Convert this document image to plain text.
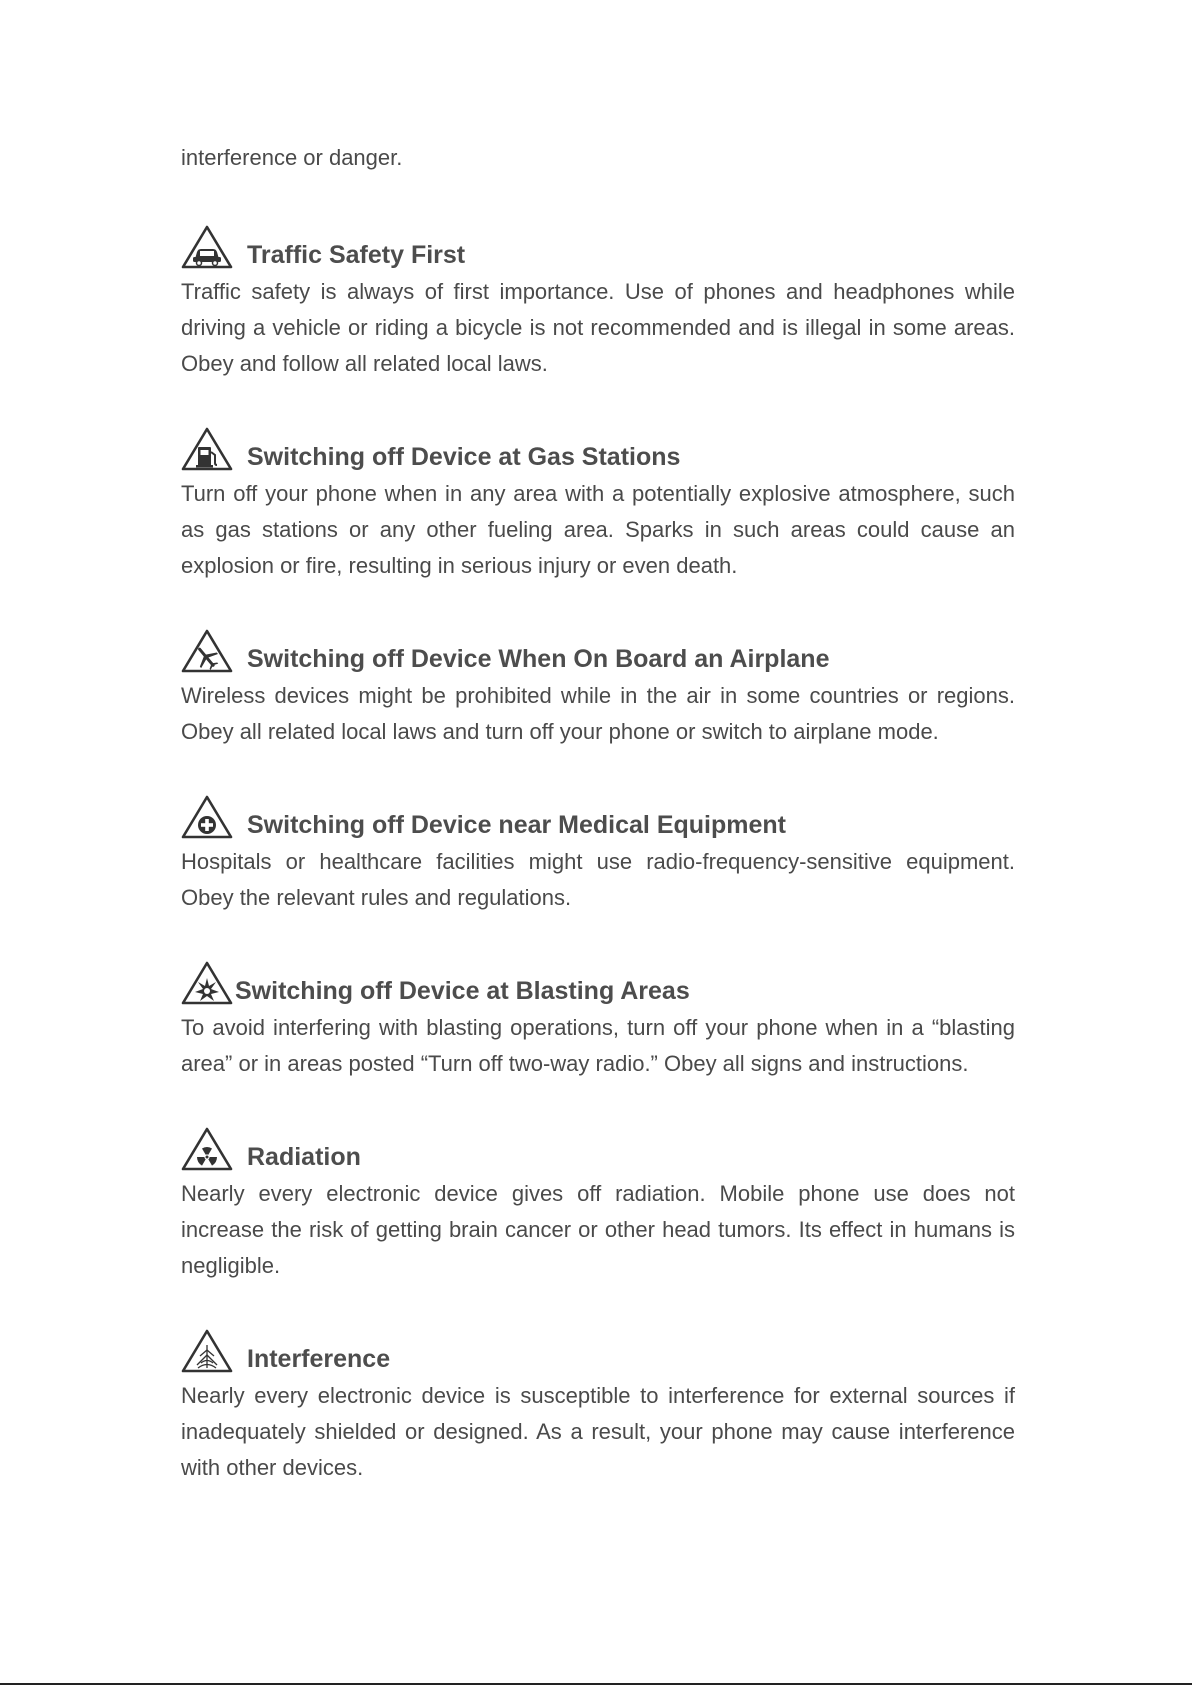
interference or danger.

Traffic Safety First

Traffic safety is always of first importance. Use of phones and headphones while driving a vehicle or riding a bicycle is not recommended and is illegal in some areas. Obey and follow all related local laws.

Switching off Device at Gas Stations

Turn off your phone when in any area with a potentially explosive atmosphere, such as gas stations or any other fueling area. Sparks in such areas could cause an explosion or fire, resulting in serious injury or even death.

Switching off Device When On Board an Airplane

Wireless devices might be prohibited while in the air in some countries or regions. Obey all related local laws and turn off your phone or switch to airplane mode.

Switching off Device near Medical Equipment

Hospitals or healthcare facilities might use radio-frequency-sensitive equipment. Obey the relevant rules and regulations.

Switching off Device at Blasting Areas

To avoid interfering with blasting operations, turn off your phone when in a “blasting area” or in areas posted “Turn off two-way radio.” Obey all signs and instructions.

Radiation

Nearly every electronic device gives off radiation. Mobile phone use does not increase the risk of getting brain cancer or other head tumors. Its effect in humans is negligible.

Interference

Nearly every electronic device is susceptible to interference for external sources if inadequately shielded or designed. As a result, your phone may cause interference with other devices.
